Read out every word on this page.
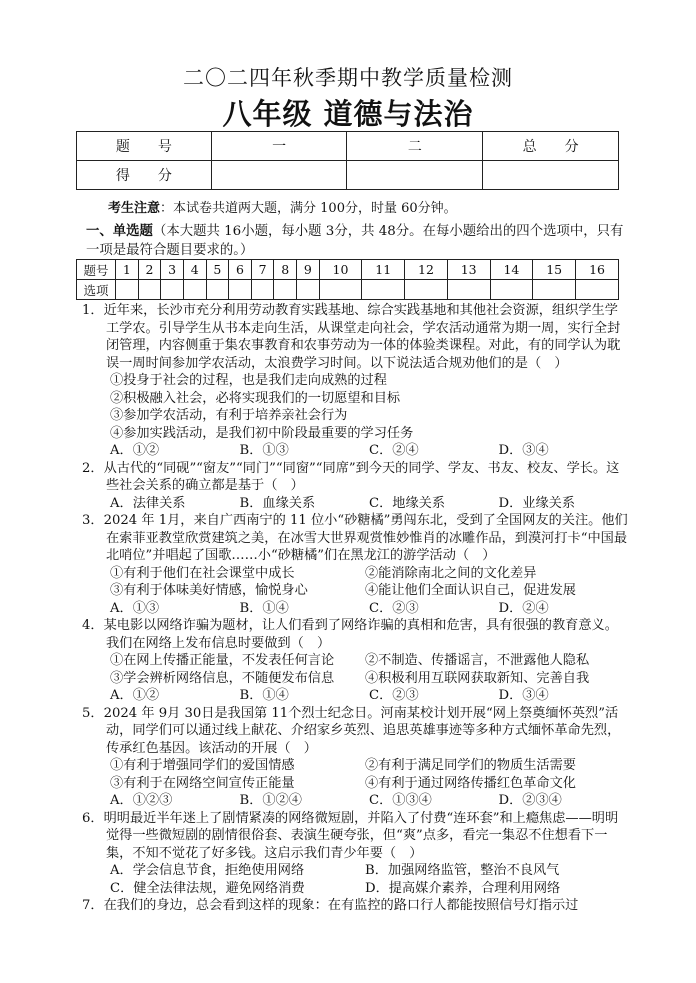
二〇二四年秋季期中教学质量检测
八年级 道德与法治
题　　号	一	二	总　　分
得　　分			
考生注意：本试卷共道两大题，满分 100分，时量 60分钟。
一、单选题（本大题共 16小题，每小题 3分，共 48分。在每小题给出的四个选项中，只有一项是最符合题目要求的。）
题号	1	2	3	4	5	6	7	8	9	10	11	12	13	14	15	16
选项																
1．近年来，长沙市充分利用劳动教育实践基地、综合实践基地和其他社会资源，组织学生学工学农。引导学生从书本走向生活，从课堂走向社会，学农活动通常为期一周，实行全封闭管理，内容侧重于集农事教育和农事劳动为一体的体验类课程。对此，有的同学认为耽误一周时间参加学农活动，太浪费学习时间。以下说法适合规劝他们的是（　）
①投身于社会的过程，也是我们走向成熟的过程
②积极融入社会，必将实现我们的一切愿望和目标
③参加学农活动，有利于培养亲社会行为
④参加实践活动，是我们初中阶段最重要的学习任务
A．①②	B．①③	C．②④	D．③④
2．从古代的“同砚”“窗友”“同门”“同窗”“同席”到今天的同学、学友、书友、校友、学长。这些社会关系的确立都是基于（　）
A．法律关系	B．血缘关系	C．地缘关系	D．业缘关系
3．2024 年 1月，来自广西南宁的 11 位小“砂糖橘”勇闯东北，受到了全国网友的关注。他们在索菲亚教堂欣赏建筑之美，在冰雪大世界观赏惟妙惟肖的冰雕作品，到漠河打卡“中国最北哨位”并唱起了国歌……小“砂糖橘”们在黑龙江的游学活动（　）
①有利于他们在社会课堂中成长	②能消除南北之间的文化差异
③有利于体味美好情感，愉悦身心	④能让他们全面认识自己，促进发展
A．①③	B．①④	C．②③	D．②④
4．某电影以网络诈骗为题材，让人们看到了网络诈骗的真相和危害，具有很强的教育意义。我们在网络上发布信息时要做到（　）
①在网上传播正能量，不发表任何言论	②不制造、传播谣言，不泄露他人隐私
③学会辨析网络信息，不随便发布信息	④积极利用互联网获取新知、完善自我
A．①②	B．①④	C．②③	D．③④
5．2024 年 9月 30日是我国第 11个烈士纪念日。河南某校计划开展“网上祭奠缅怀英烈”活动，同学们可以通过线上献花、介绍家乡英烈、追思英雄事迹等多种方式缅怀革命先烈，传承红色基因。该活动的开展（　）
①有利于增强同学们的爱国情感	②有利于满足同学们的物质生活需要
③有利于在网络空间宣传正能量	④有利于通过网络传播红色革命文化
A．①②③	B．①②④	C．①③④	D．②③④
6．明明最近半年迷上了剧情紧凑的网络微短剧，并陷入了付费“连环套”和上瘾焦虑——明明觉得一些微短剧的剧情很俗套、表演生硬夸张，但“爽”点多，看完一集忍不住想看下一集，不知不觉花了好多钱。这启示我们青少年要（　）
A．学会信息节食，拒绝使用网络	B．加强网络监管，整治不良风气
C．健全法律法规，避免网络消费	D．提高媒介素养，合理利用网络
7．在我们的身边，总会看到这样的现象：在有监控的路口行人都能按照信号灯指示过
